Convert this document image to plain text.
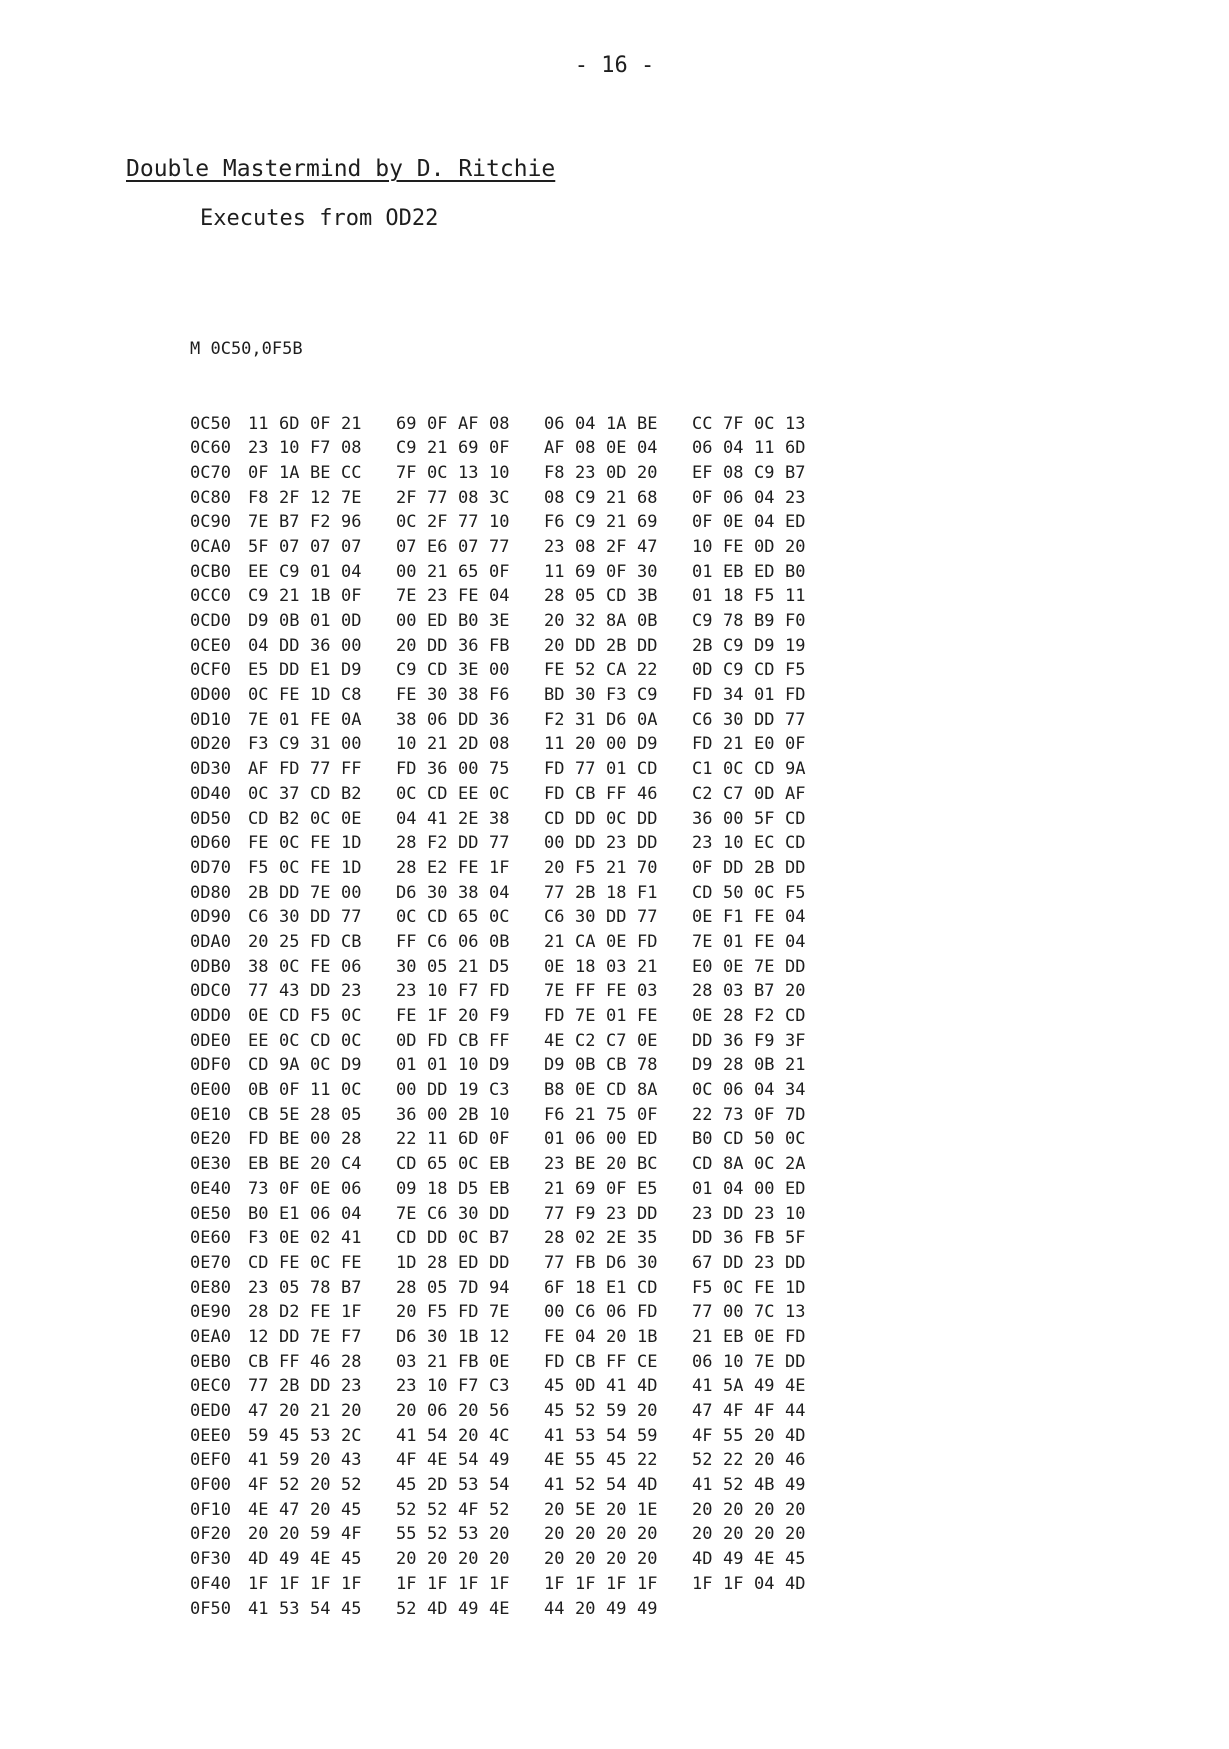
- 16 -
Double Mastermind by D. Ritchie
Executes from OD22

M 0C50,0F5B

0C50 11 6D 0F 21 69 0F AF 08 06 04 1A BE CC 7F 0C 13
0C60 23 10 F7 08 C9 21 69 0F AF 08 0E 04 06 04 11 6D
0C70 0F 1A BE CC 7F 0C 13 10 F8 23 0D 20 EF 08 C9 B7
0C80 F8 2F 12 7E 2F 77 08 3C 08 C9 21 68 0F 06 04 23
0C90 7E B7 F2 96 0C 2F 77 10 F6 C9 21 69 0F 0E 04 ED
0CA0 5F 07 07 07 07 E6 07 77 23 08 2F 47 10 FE 0D 20
0CB0 EE C9 01 04 00 21 65 0F 11 69 0F 30 01 EB ED B0
0CC0 C9 21 1B 0F 7E 23 FE 04 28 05 CD 3B 01 18 F5 11
0CD0 D9 0B 01 0D 00 ED B0 3E 20 32 8A 0B C9 78 B9 F0
0CE0 04 DD 36 00 20 DD 36 FB 20 DD 2B DD 2B C9 D9 19
0CF0 E5 DD E1 D9 C9 CD 3E 00 FE 52 CA 22 0D C9 CD F5
0D00 0C FE 1D C8 FE 30 38 F6 BD 30 F3 C9 FD 34 01 FD
0D10 7E 01 FE 0A 38 06 DD 36 F2 31 D6 0A C6 30 DD 77
0D20 F3 C9 31 00 10 21 2D 08 11 20 00 D9 FD 21 E0 0F
0D30 AF FD 77 FF FD 36 00 75 FD 77 01 CD C1 0C CD 9A
0D40 0C 37 CD B2 0C CD EE 0C FD CB FF 46 C2 C7 0D AF
0D50 CD B2 0C 0E 04 41 2E 38 CD DD 0C DD 36 00 5F CD
0D60 FE 0C FE 1D 28 F2 DD 77 00 DD 23 DD 23 10 EC CD
0D70 F5 0C FE 1D 28 E2 FE 1F 20 F5 21 70 0F DD 2B DD
0D80 2B DD 7E 00 D6 30 38 04 77 2B 18 F1 CD 50 0C F5
0D90 C6 30 DD 77 0C CD 65 0C C6 30 DD 77 0E F1 FE 04
0DA0 20 25 FD CB FF C6 06 0B 21 CA 0E FD 7E 01 FE 04
0DB0 38 0C FE 06 30 05 21 D5 0E 18 03 21 E0 0E 7E DD
0DC0 77 43 DD 23 23 10 F7 FD 7E FF FE 03 28 03 B7 20
0DD0 0E CD F5 0C FE 1F 20 F9 FD 7E 01 FE 0E 28 F2 CD
0DE0 EE 0C CD 0C 0D FD CB FF 4E C2 C7 0E DD 36 F9 3F
0DF0 CD 9A 0C D9 01 01 10 D9 D9 0B CB 78 D9 28 0B 21
0E00 0B 0F 11 0C 00 DD 19 C3 B8 0E CD 8A 0C 06 04 34
0E10 CB 5E 28 05 36 00 2B 10 F6 21 75 0F 22 73 0F 7D
0E20 FD BE 00 28 22 11 6D 0F 01 06 00 ED B0 CD 50 0C
0E30 EB BE 20 C4 CD 65 0C EB 23 BE 20 BC CD 8A 0C 2A
0E40 73 0F 0E 06 09 18 D5 EB 21 69 0F E5 01 04 00 ED
0E50 B0 E1 06 04 7E C6 30 DD 77 F9 23 DD 23 DD 23 10
0E60 F3 0E 02 41 CD DD 0C B7 28 02 2E 35 DD 36 FB 5F
0E70 CD FE 0C FE 1D 28 ED DD 77 FB D6 30 67 DD 23 DD
0E80 23 05 78 B7 28 05 7D 94 6F 18 E1 CD F5 0C FE 1D
0E90 28 D2 FE 1F 20 F5 FD 7E 00 C6 06 FD 77 00 7C 13
0EA0 12 DD 7E F7 D6 30 1B 12 FE 04 20 1B 21 EB 0E FD
0EB0 CB FF 46 28 03 21 FB 0E FD CB FF CE 06 10 7E DD
0EC0 77 2B DD 23 23 10 F7 C3 45 0D 41 4D 41 5A 49 4E
0ED0 47 20 21 20 20 06 20 56 45 52 59 20 47 4F 4F 44
0EE0 59 45 53 2C 41 54 20 4C 41 53 54 59 4F 55 20 4D
0EF0 41 59 20 43 4F 4E 54 49 4E 55 45 22 52 22 20 46
0F00 4F 52 20 52 45 2D 53 54 41 52 54 4D 41 52 4B 49
0F10 4E 47 20 45 52 52 4F 52 20 5E 20 1E 20 20 20 20
0F20 20 20 59 4F 55 52 53 20 20 20 20 20 20 20 20 20
0F30 4D 49 4E 45 20 20 20 20 20 20 20 20 4D 49 4E 45
0F40 1F 1F 1F 1F 1F 1F 1F 1F 1F 1F 1F 1F 1F 1F 04 4D
0F50 41 53 54 45 52 4D 49 4E 44 20 49 49
